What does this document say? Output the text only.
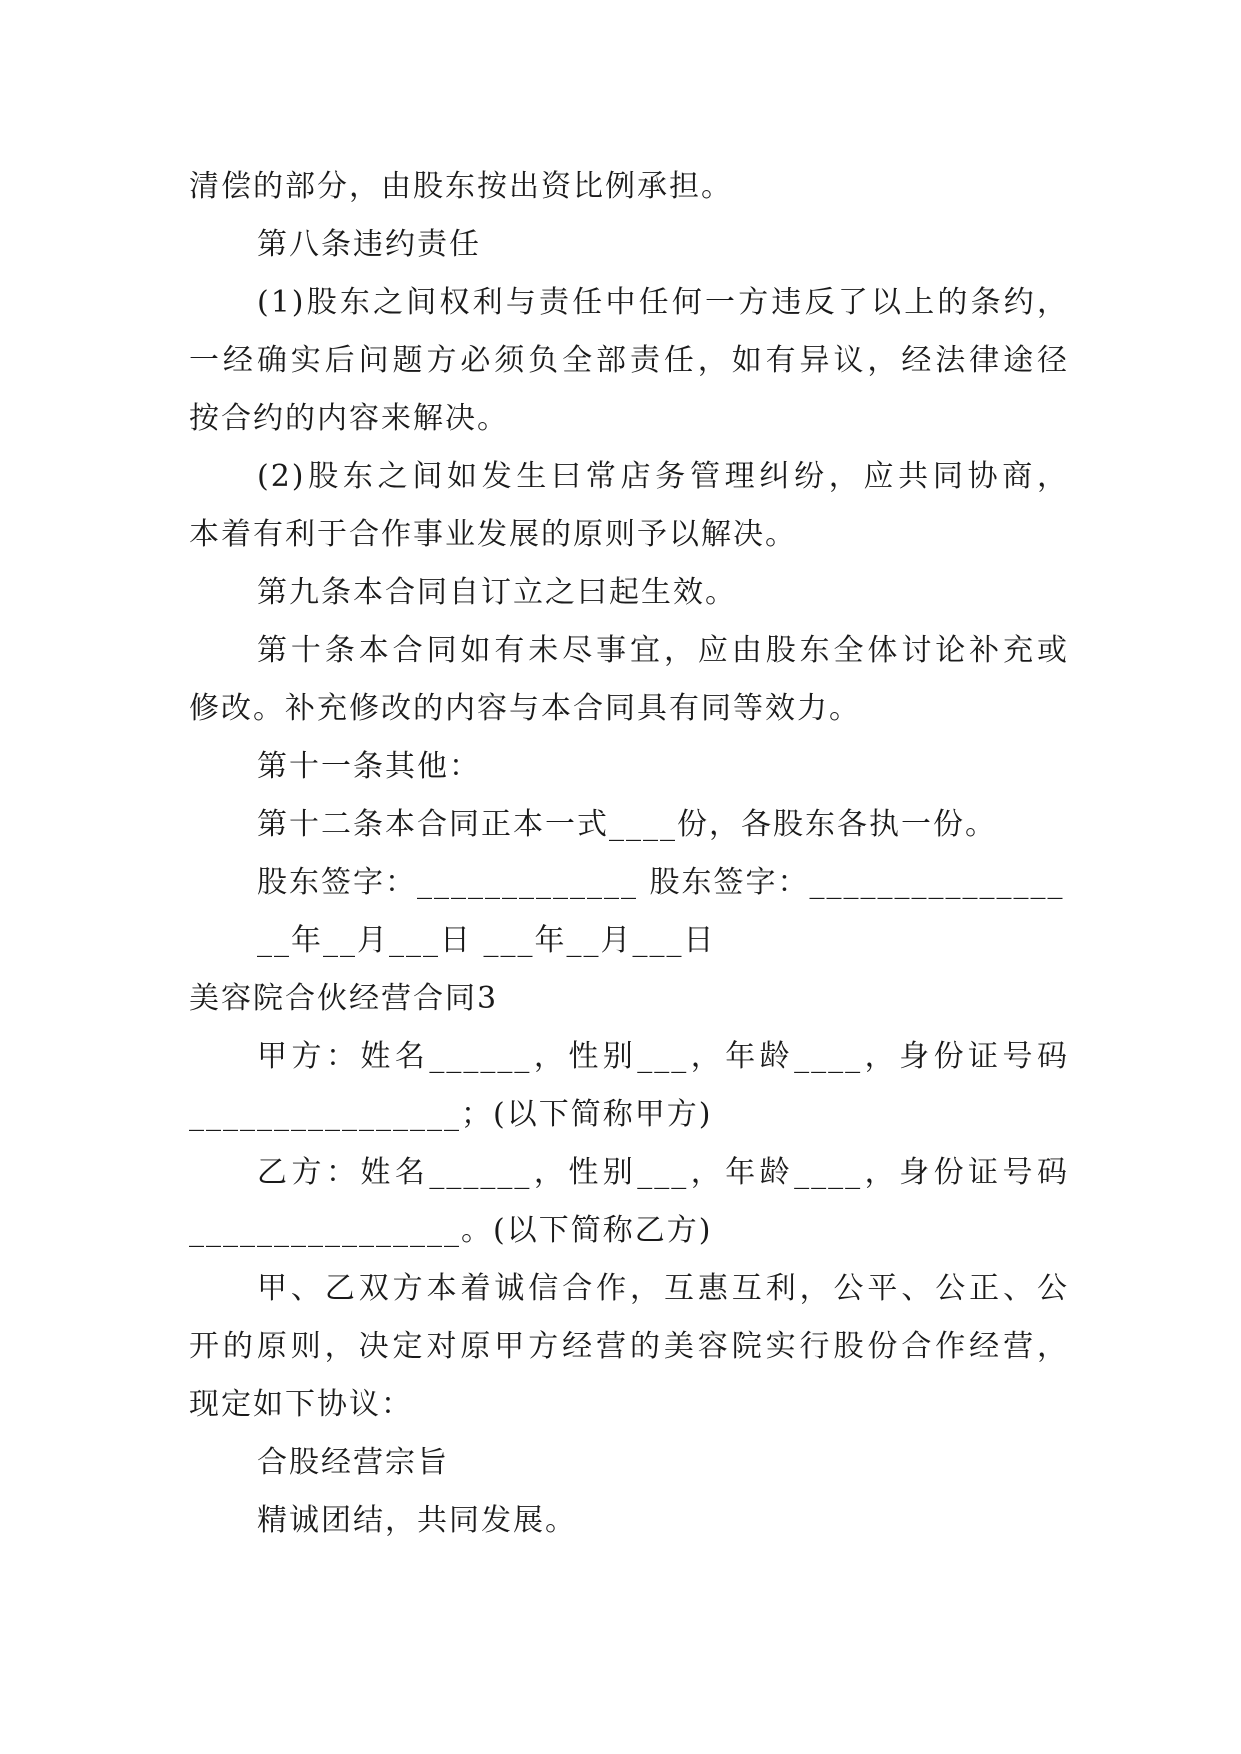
清偿的部分，由股东按出资比例承担。
第八条违约责任
(1)股东之间权利与责任中任何一方违反了以上的条约，
一经确实后问题方必须负全部责任，如有异议，经法律途径
按合约的内容来解决。
(2)股东之间如发生曰常店务管理纠纷，应共同协商，
本着有利于合作事业发展的原则予以解决。
第九条本合同自订立之曰起生效。
第十条本合同如有未尽事宜，应由股东全体讨论补充或
修改。补充修改的内容与本合同具有同等效力。
第十一条其他：
第十二条本合同正本一式____份，各股东各执一份。
股东签字：_____________ 股东签字：_______________
__年__月___日 ___年__月___日
美容院合伙经营合同3
甲方：姓名______，性别___，年龄____，身份证号码
________________；(以下简称甲方)
乙方：姓名______，性别___，年龄____，身份证号码
________________。(以下简称乙方)
甲、乙双方本着诚信合作，互惠互利，公平、公正、公
开的原则，决定对原甲方经营的美容院实行股份合作经营，
现定如下协议：
合股经营宗旨
精诚团结，共同发展。
